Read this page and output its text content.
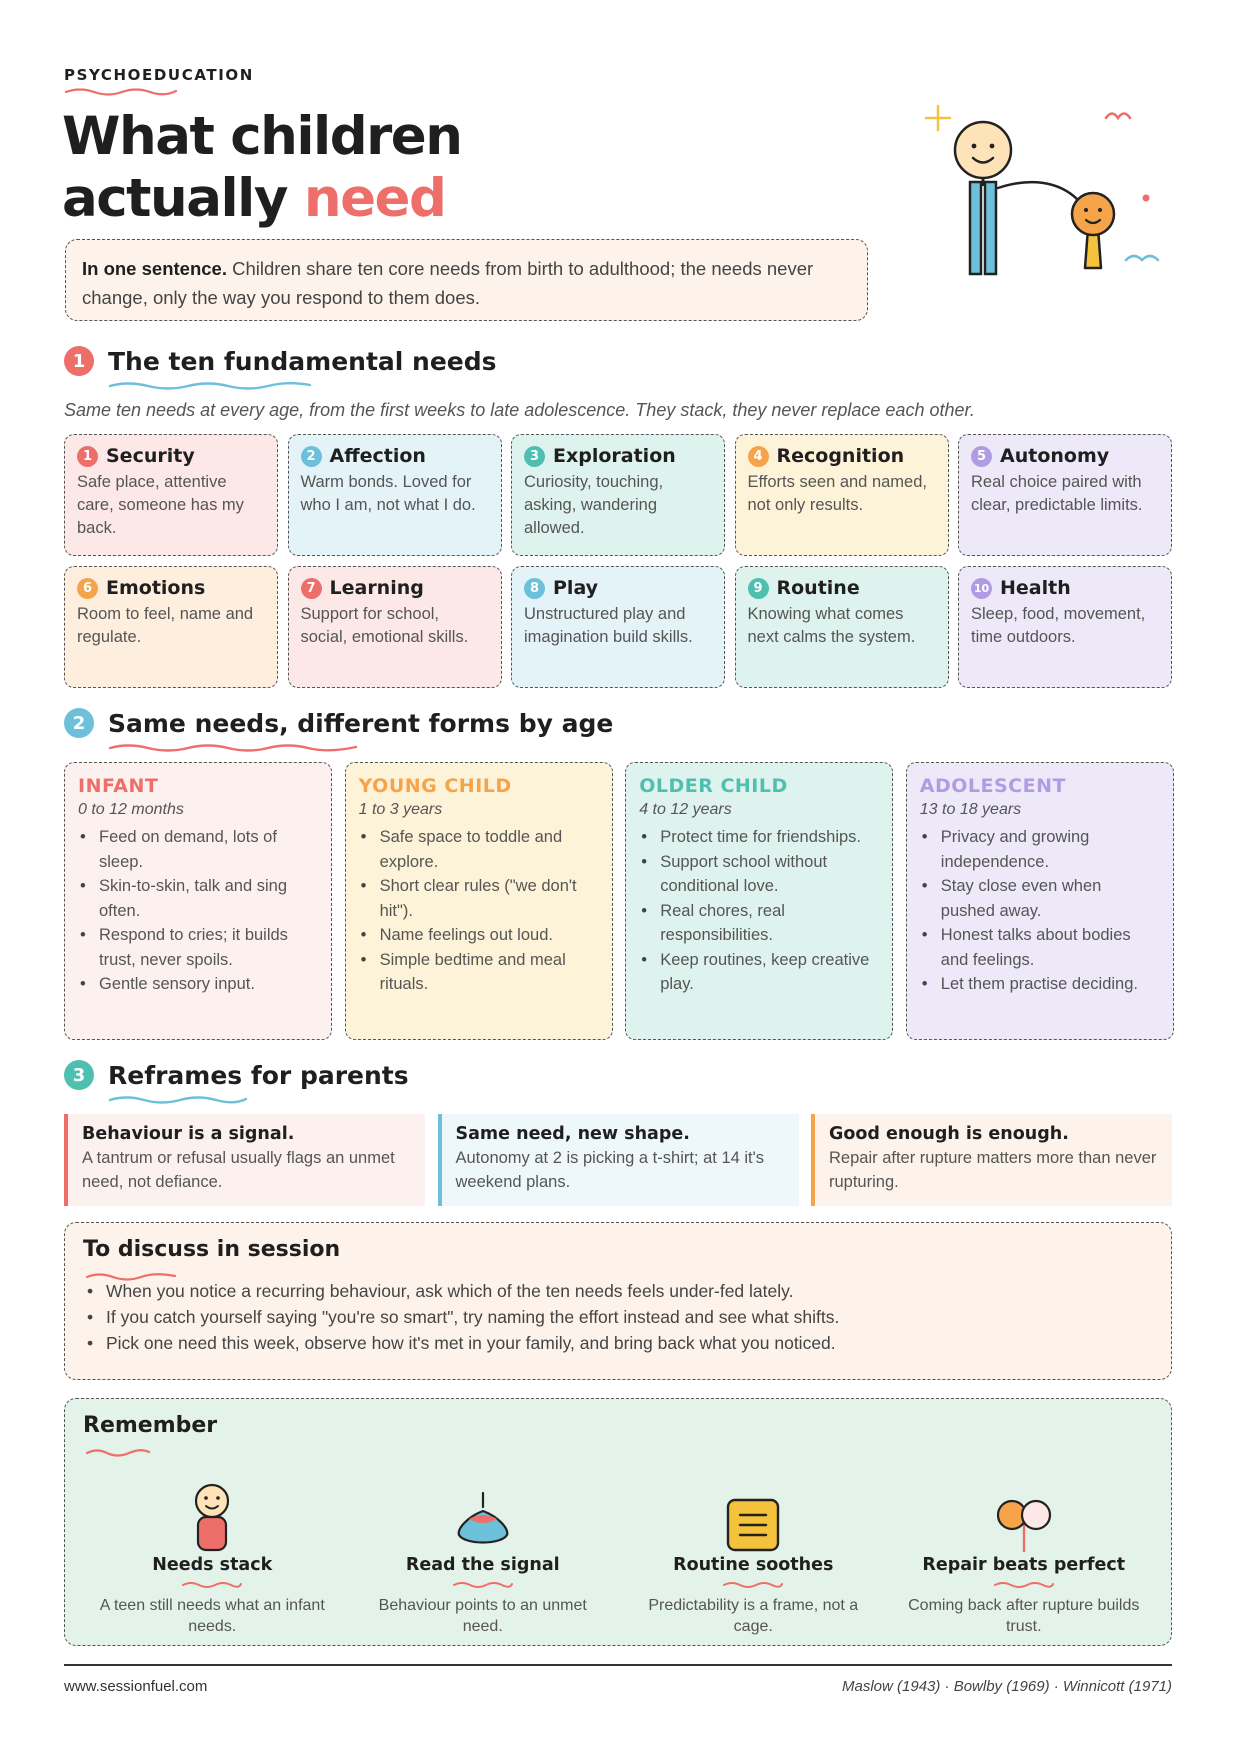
PSYCHOEDUCATION
What children
actually need
In one sentence. Children share ten core needs from birth to adulthood; the needs never change, only the way you respond to them does.
1 The ten fundamental needs
Same ten needs at every age, from the first weeks to late adolescence. They stack, they never replace each other.
1 Security
Safe place, attentive care, someone has my back.
2 Affection
Warm bonds. Loved for who I am, not what I do.
3 Exploration
Curiosity, touching, asking, wandering allowed.
4 Recognition
Efforts seen and named, not only results.
5 Autonomy
Real choice paired with clear, predictable limits.
6 Emotions
Room to feel, name and regulate.
7 Learning
Support for school, social, emotional skills.
8 Play
Unstructured play and imagination build skills.
9 Routine
Knowing what comes next calms the system.
10 Health
Sleep, food, movement, time outdoors.
2 Same needs, different forms by age
INFANT
0 to 12 months
• Feed on demand, lots of sleep.
• Skin-to-skin, talk and sing often.
• Respond to cries; it builds trust, never spoils.
• Gentle sensory input.
YOUNG CHILD
1 to 3 years
• Safe space to toddle and explore.
• Short clear rules ("we don't hit").
• Name feelings out loud.
• Simple bedtime and meal rituals.
OLDER CHILD
4 to 12 years
• Protect time for friendships.
• Support school without conditional love.
• Real chores, real responsibilities.
• Keep routines, keep creative play.
ADOLESCENT
13 to 18 years
• Privacy and growing independence.
• Stay close even when pushed away.
• Honest talks about bodies and feelings.
• Let them practise deciding.
3 Reframes for parents
Behaviour is a signal.
A tantrum or refusal usually flags an unmet need, not defiance.
Same need, new shape.
Autonomy at 2 is picking a t-shirt; at 14 it's weekend plans.
Good enough is enough.
Repair after rupture matters more than never rupturing.
To discuss in session
• When you notice a recurring behaviour, ask which of the ten needs feels under-fed lately.
• If you catch yourself saying "you're so smart", try naming the effort instead and see what shifts.
• Pick one need this week, observe how it's met in your family, and bring back what you noticed.
Remember
Needs stack
A teen still needs what an infant needs.
Read the signal
Behaviour points to an unmet need.
Routine soothes
Predictability is a frame, not a cage.
Repair beats perfect
Coming back after rupture builds trust.
www.sessionfuel.com	Maslow (1943) · Bowlby (1969) · Winnicott (1971)
